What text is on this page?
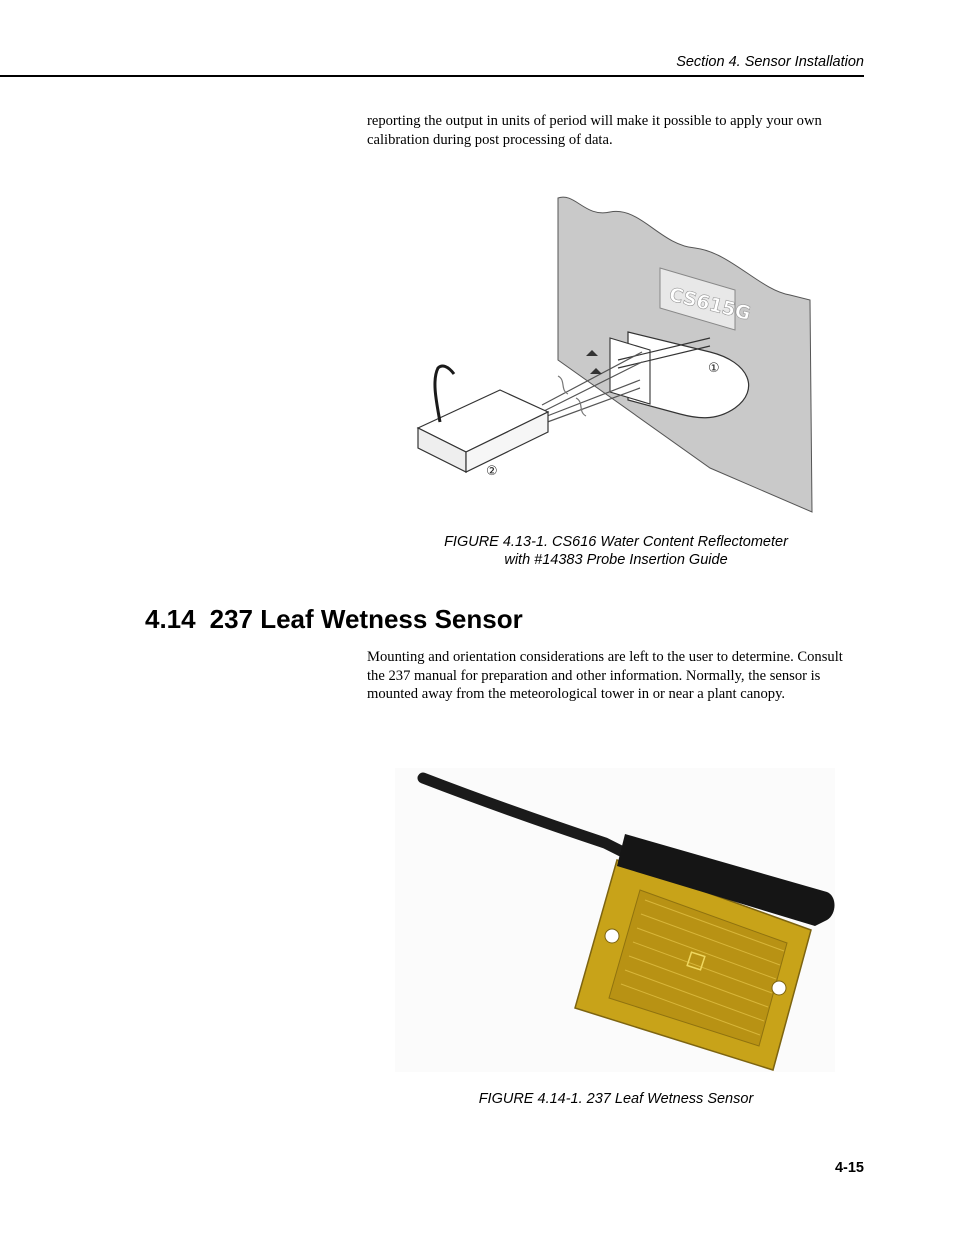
Section 4. Sensor Installation
reporting the output in units of period will make it possible to apply your own calibration during post processing of data.
CS615G
①
②
FIGURE 4.13-1. CS616 Water Content Reflectometer
with #14383 Probe Insertion Guide
4.14 237 Leaf Wetness Sensor
Mounting and orientation considerations are left to the user to determine. Consult the 237 manual for preparation and other information. Normally, the sensor is mounted away from the meteorological tower in or near a plant canopy.
FIGURE 4.14-1. 237 Leaf Wetness Sensor
4-15
